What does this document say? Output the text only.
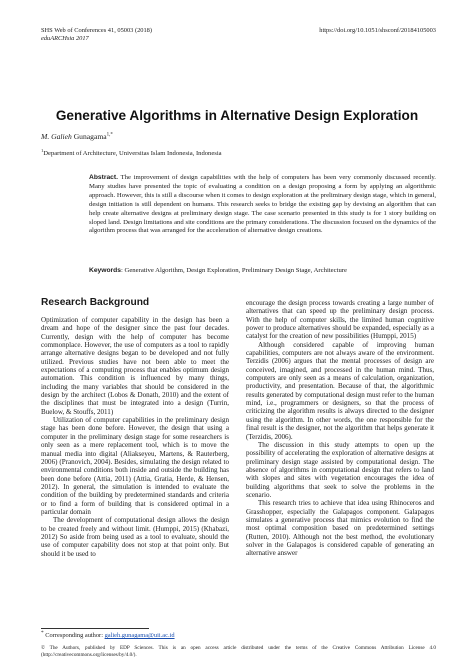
SHS Web of Conferences 41, 05003 (2018)
eduARCHsia 2017
https://doi.org/10.1051/shsconf/20184105003
Generative Algorithms in Alternative Design Exploration
M. Galieh Gunagama$^{1,*}$
$^1$Department of Architecture, Universitas Islam Indonesia, Indonesia
Abstract. The improvement of design capabilities with the help of computers has been very commonly discussed recently. Many studies have presented the topic of evaluating a condition on a design proposing a form by applying an algorithmic approach. However, this is still a discourse when it comes to design exploration at the preliminary design stage, which in general, design initiation is still dependent on humans. This research seeks to bridge the existing gap by devising an algorithm that can help create alternative designs at preliminary design stage. The case scenario presented in this study is for 1 story building on sloped land. Design limitations and site conditions are the primary considerations. The discussion focused on the dynamics of the algorithm process that was arranged for the acceleration of alternative design creations.
Keywords: Generative Algorithm, Design Exploration, Preliminary Design Stage, Architecture
Research Background

Optimization of computer capability in the design has been a dream and hope of the designer since the past four decades. Currently, design with the help of computer has become commonplace. However, the use of computers as a tool to rapidly arrange alternative designs began to be developed and not fully utilized. Previous studies have not been able to meet the expectations of a computing process that enables optimum design automation. This condition is influenced by many things, including the many variables that should be considered in the design by the architect (Lobos & Donath, 2010) and the extent of the disciplines that must be integrated into a design (Turrin, Buelow, & Stouffs, 2011)

Utilization of computer capabilities in the preliminary design stage has been done before. However, the design that using a computer in the preliminary design stage for some researchers is only seen as a mere replacement tool, which is to move the manual media into digital (Aliakseyeu, Martens, & Rauterberg, 2006) (Pranovich, 2004). Besides, simulating the design related to environmental conditions both inside and outside the building has been done before (Attia, 2011) (Attia, Gratia, Herde, & Hensen, 2012). In general, the simulation is intended to evaluate the condition of the building by predetermined standards and criteria or to find a form of building that is considered optimal in a particular domain

The development of computational design allows the design to be created freely and without limit. (Humppi, 2015) (Khabazi, 2012) So aside from being used as a tool to evaluate, should the use of computer capability does not stop at that point only. But should it be used to

encourage the design process towards creating a large number of alternatives that can speed up the preliminary design process. With the help of computer skills, the limited human cognitive power to produce alternatives should be expanded, especially as a catalyst for the creation of new possibilities (Humppi, 2015)

Although considered capable of improving human capabilities, computers are not always aware of the environment. Terzidis (2006) argues that the mental processes of design are conceived, imagined, and processed in the human mind. Thus, computers are only seen as a means of calculation, organization, productivity, and presentation. Because of that, the algorithmic results generated by computational design must refer to the human mind, i.e., programmers or designers, so that the process of criticizing the algorithm results is always directed to the designer using the algorithm. In other words, the one responsible for the final result is the designer, not the algorithm that helps generate it (Terzidis, 2006).

The discussion in this study attempts to open up the possibility of accelerating the exploration of alternative designs at preliminary design stage assisted by computational design. The absence of algorithms in computational design that refers to land with slopes and sites with vegetation encourages the idea of building algorithms that seek to solve the problems in the scenario.

This research tries to achieve that idea using Rhinoceros and Grasshopper, especially the Galapagos component. Galapagos simulates a generative process that mimics evolution to find the most optimal composition based on predetermined settings (Rutten, 2010). Although not the best method, the evolutionary solver in the Galapagos is considered capable of generating an alternative answer

* Corresponding author: galieh.gunagama@uii.ac.id
© The Authors, published by EDP Sciences. This is an open access article distributed under the terms of the Creative Commons Attribution License 4.0 (http://creativecommons.org/licenses/by/4.0/).
